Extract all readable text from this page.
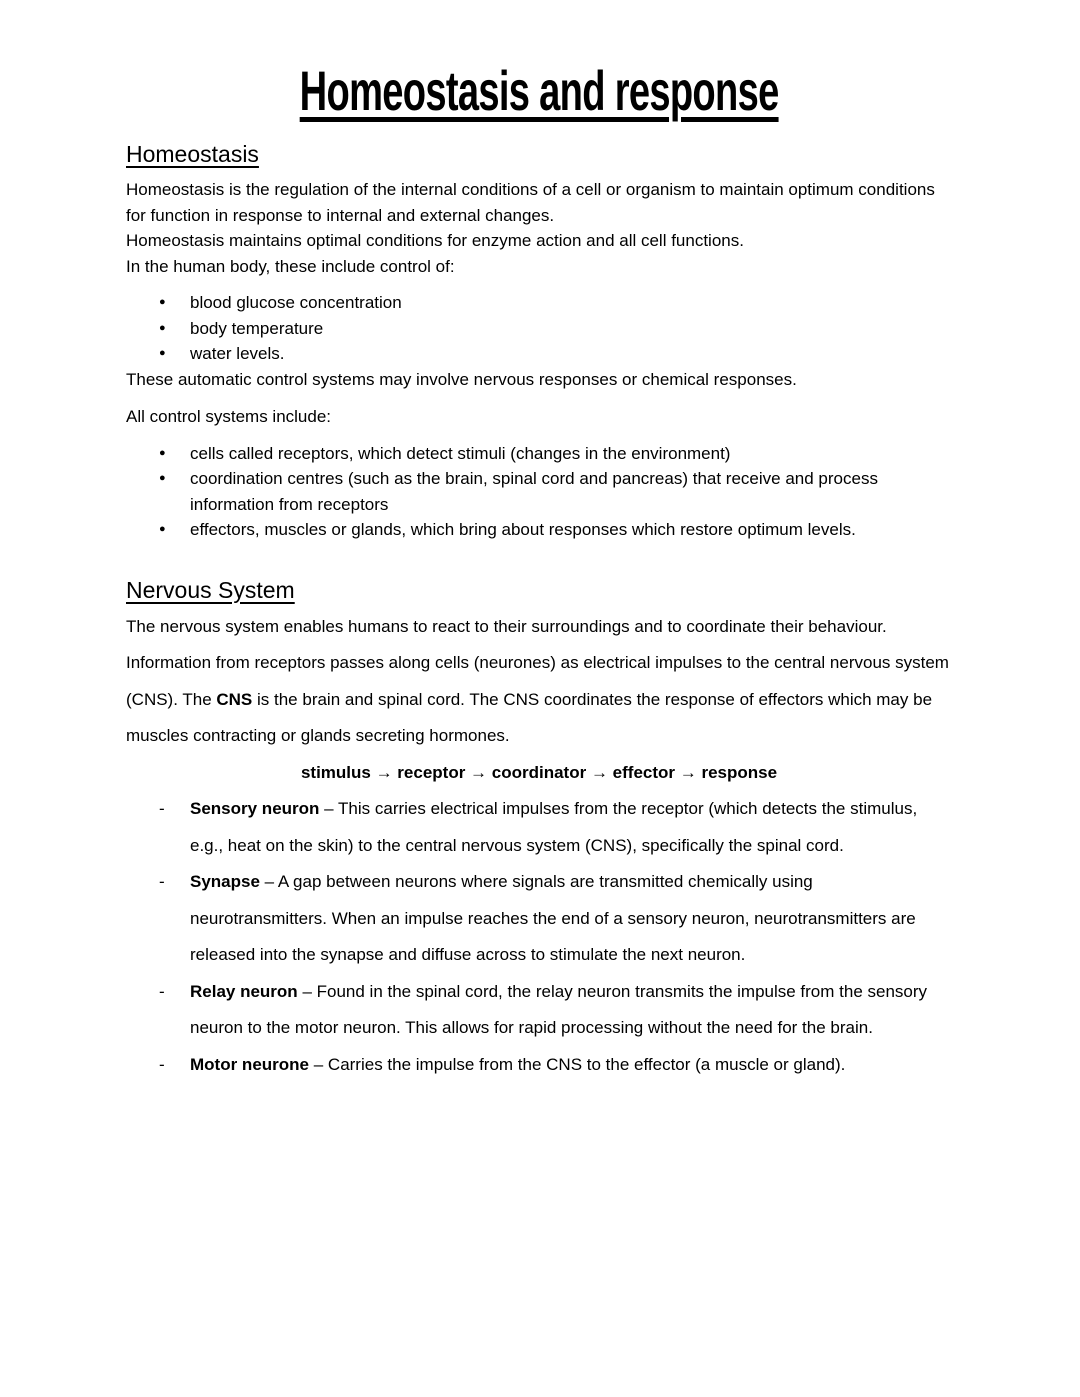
Homeostasis and response
Homeostasis

Homeostasis is the regulation of the internal conditions of a cell or organism to maintain optimum conditions for function in response to internal and external changes.

Homeostasis maintains optimal conditions for enzyme action and all cell functions.

In the human body, these include control of:

● blood glucose concentration
● body temperature
● water levels.

These automatic control systems may involve nervous responses or chemical responses.

All control systems include:

● cells called receptors, which detect stimuli (changes in the environment)
● coordination centres (such as the brain, spinal cord and pancreas) that receive and process information from receptors
● effectors, muscles or glands, which bring about responses which restore optimum levels.
Nervous System

The nervous system enables humans to react to their surroundings and to coordinate their behaviour.

Information from receptors passes along cells (neurones) as electrical impulses to the central nervous system (CNS). The CNS is the brain and spinal cord. The CNS coordinates the response of effectors which may be muscles contracting or glands secreting hormones.

stimulus → receptor → coordinator → effector → response

- Sensory neuron – This carries electrical impulses from the receptor (which detects the stimulus, e.g., heat on the skin) to the central nervous system (CNS), specifically the spinal cord.
- Synapse – A gap between neurons where signals are transmitted chemically using neurotransmitters. When an impulse reaches the end of a sensory neuron, neurotransmitters are released into the synapse and diffuse across to stimulate the next neuron.
- Relay neuron – Found in the spinal cord, the relay neuron transmits the impulse from the sensory neuron to the motor neuron. This allows for rapid processing without the need for the brain.
- Motor neurone – Carries the impulse from the CNS to the effector (a muscle or gland).
